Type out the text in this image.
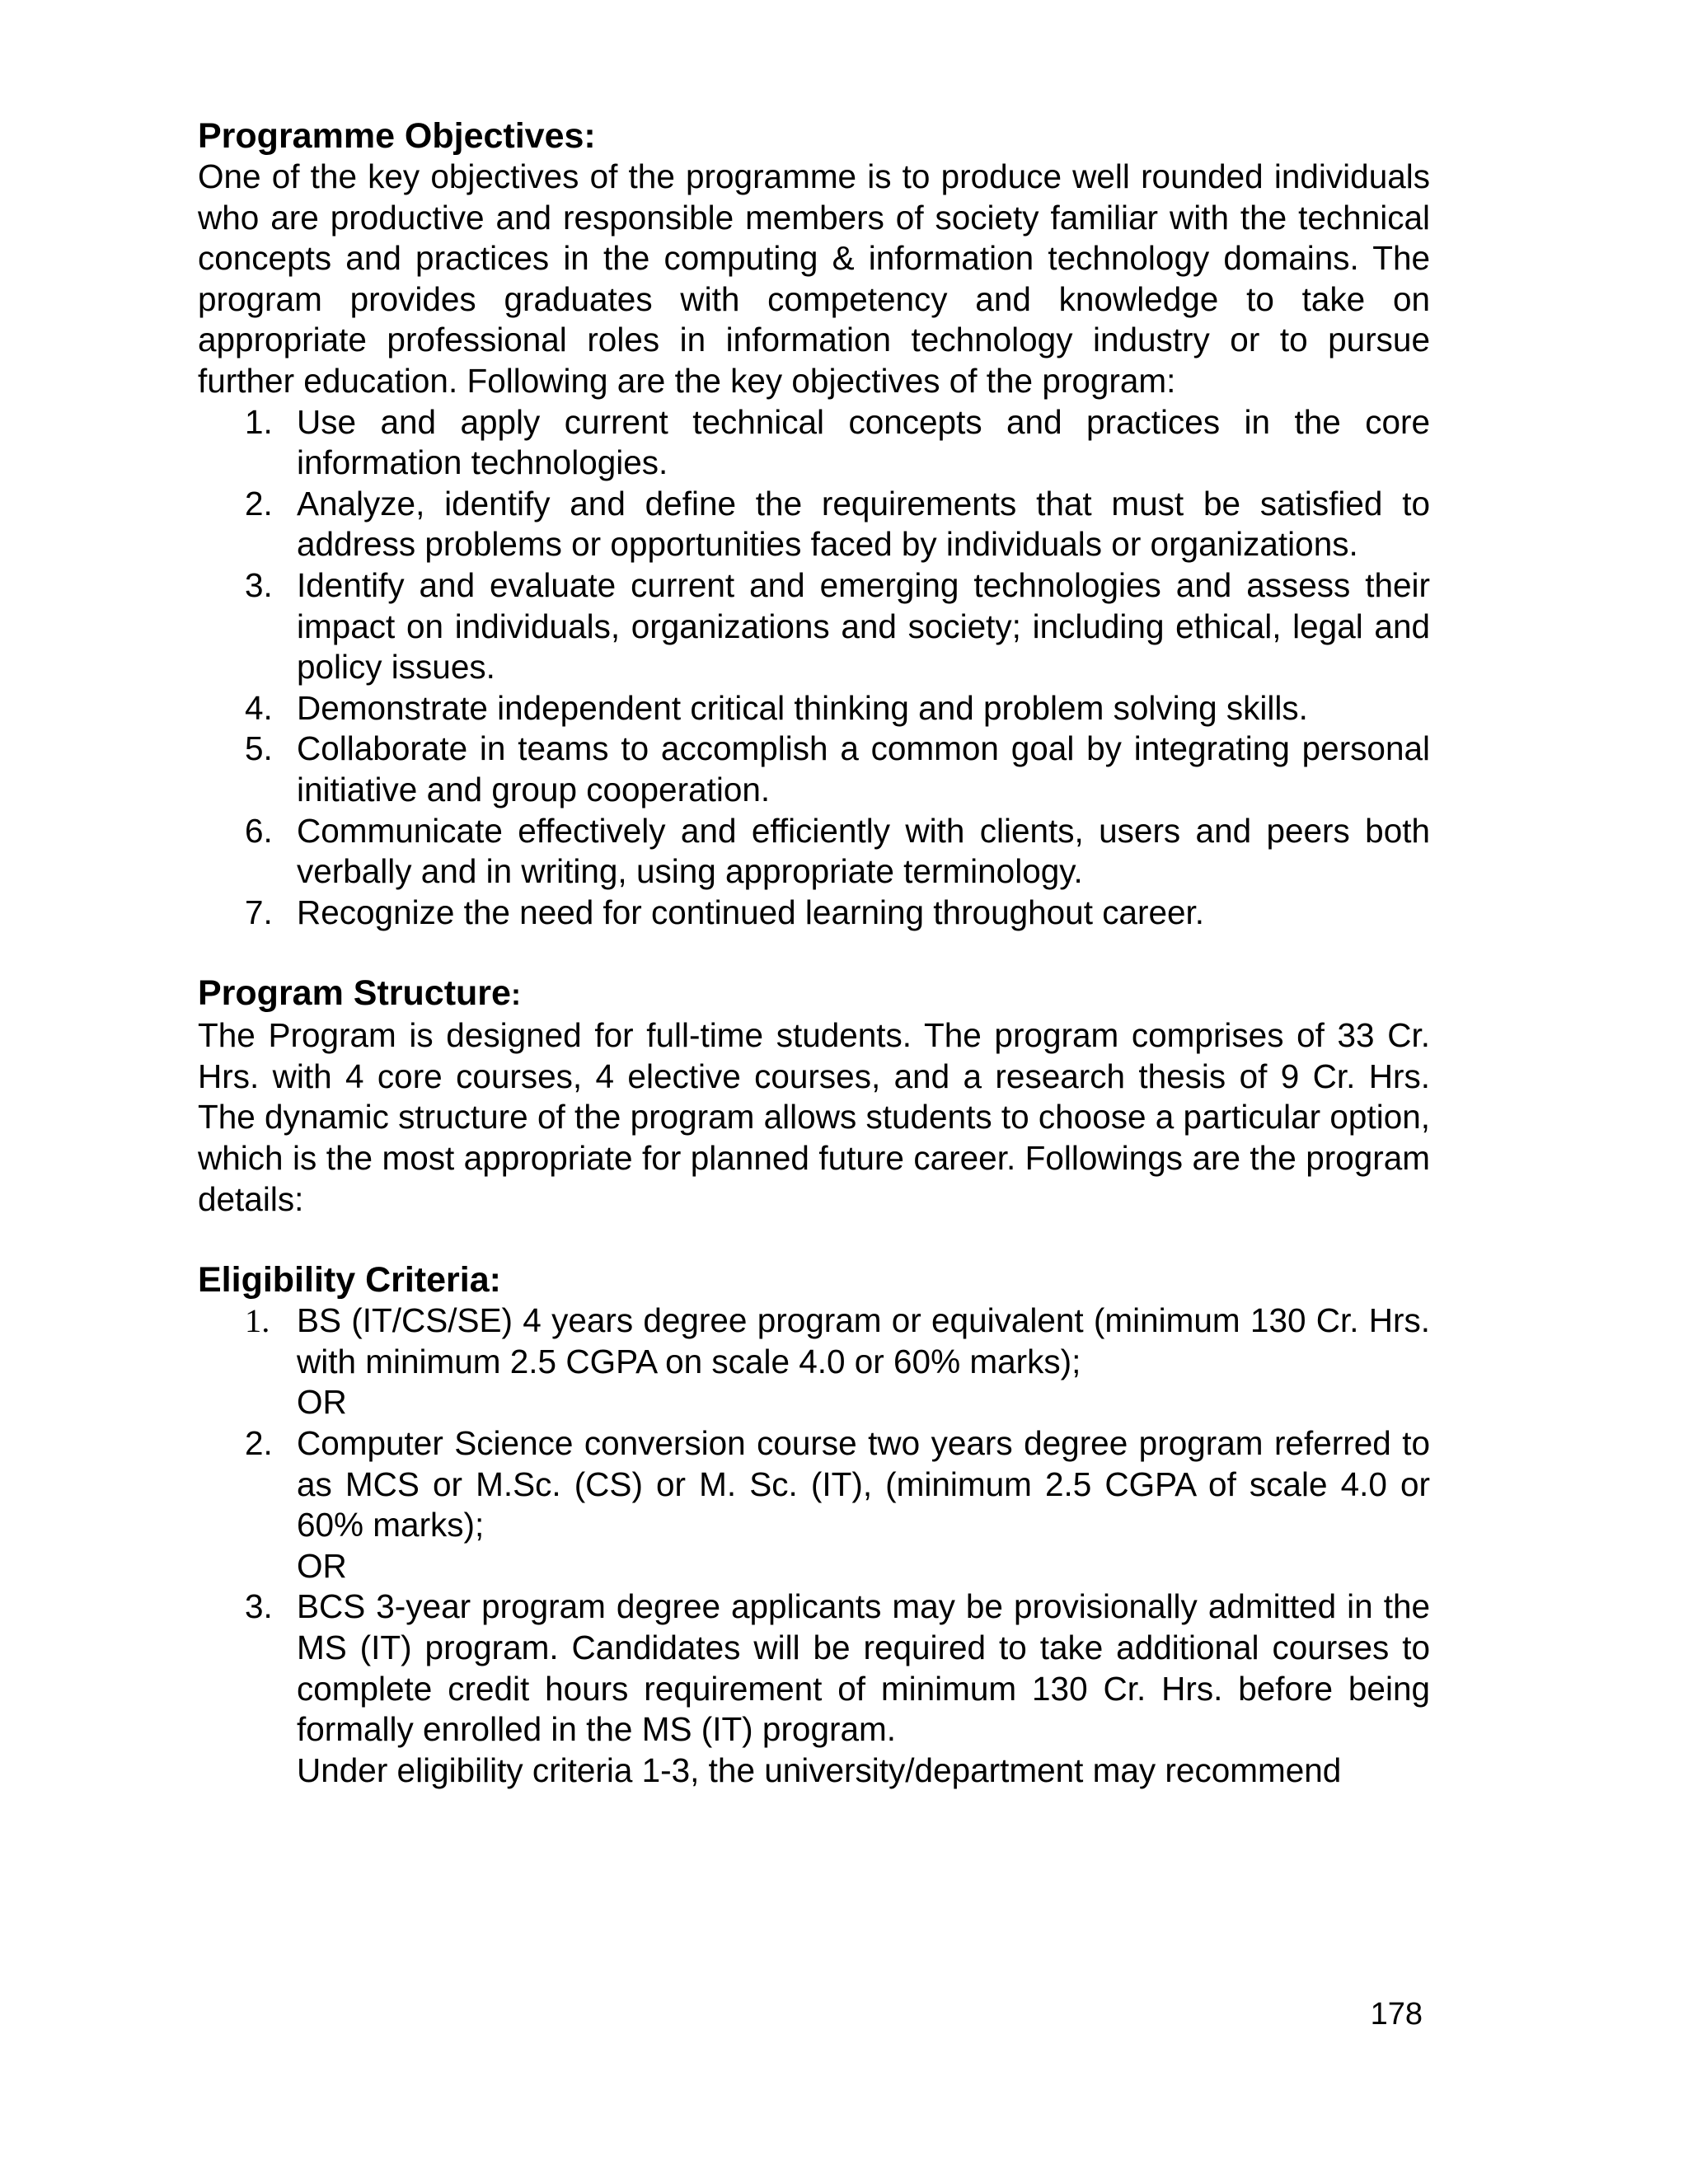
Programme Objectives:

One of the key objectives of the programme is to produce well rounded individuals who are productive and responsible members of society familiar with the technical concepts and practices in the computing & information technology domains. The program provides graduates with competency and knowledge to take on appropriate professional roles in information technology industry or to pursue further education. Following are the key objectives of the program:

1. Use and apply current technical concepts and practices in the core information technologies.
2. Analyze, identify and define the requirements that must be satisfied to address problems or opportunities faced by individuals or organizations.
3. Identify and evaluate current and emerging technologies and assess their impact on individuals, organizations and society; including ethical, legal and policy issues.
4. Demonstrate independent critical thinking and problem solving skills.
5. Collaborate in teams to accomplish a common goal by integrating personal initiative and group cooperation.
6. Communicate effectively and efficiently with clients, users and peers both verbally and in writing, using appropriate terminology.
7. Recognize the need for continued learning throughout career.
Program Structure:

The Program is designed for full-time students. The program comprises of 33 Cr. Hrs. with 4 core courses, 4 elective courses, and a research thesis of 9 Cr. Hrs. The dynamic structure of the program allows students to choose a particular option, which is the most appropriate for planned future career. Followings are the program details:

Eligibility Criteria:
1. BS (IT/CS/SE) 4 years degree program or equivalent (minimum 130 Cr. Hrs. with minimum 2.5 CGPA on scale 4.0 or 60% marks);
OR
2. Computer Science conversion course two years degree program referred to as MCS or M.Sc. (CS) or M. Sc. (IT), (minimum 2.5 CGPA of scale 4.0 or 60% marks);
OR
3. BCS 3-year program degree applicants may be provisionally admitted in the MS (IT) program. Candidates will be required to take additional courses to complete credit hours requirement of minimum 130 Cr. Hrs. before being formally enrolled in the MS (IT) program.
Under eligibility criteria 1-3, the university/department may recommend
178
